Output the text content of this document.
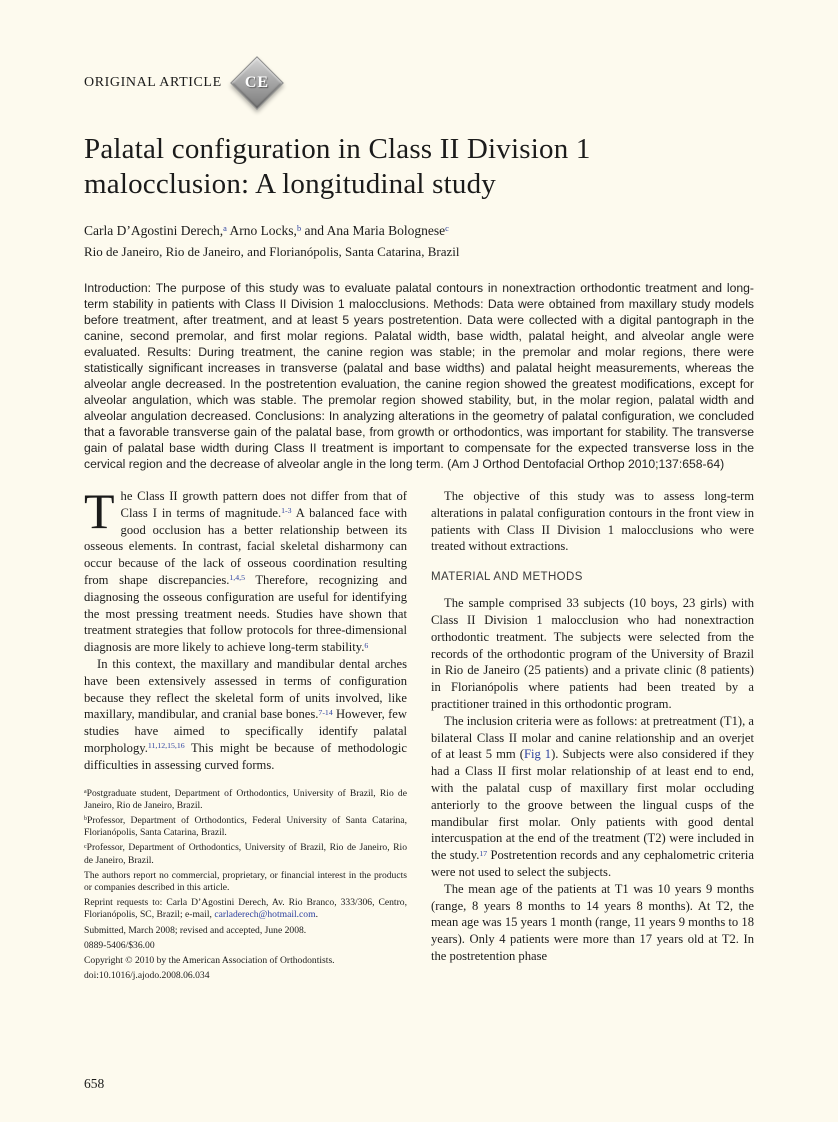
ORIGINAL ARTICLE	CE
Palatal configuration in Class II Division 1 malocclusion: A longitudinal study

Carla D’Agostini Derech,$^a$ Arno Locks,$^b$ and Ana Maria Bolognese$^c$

Rio de Janeiro, Rio de Janeiro, and Florianópolis, Santa Catarina, Brazil

Introduction: The purpose of this study was to evaluate palatal contours in nonextraction orthodontic treatment and long-term stability in patients with Class II Division 1 malocclusions. Methods: Data were obtained from maxillary study models before treatment, after treatment, and at least 5 years postretention. Data were collected with a digital pantograph in the canine, second premolar, and first molar regions. Palatal width, base width, palatal height, and alveolar angle were evaluated. Results: During treatment, the canine region was stable; in the premolar and molar regions, there were statistically significant increases in transverse (palatal and base widths) and palatal height measurements, whereas the alveolar angle decreased. In the postretention evaluation, the canine region showed the greatest modifications, except for alveolar angulation, which was stable. The premolar region showed stability, but, in the molar region, palatal width and alveolar angulation decreased. Conclusions: In analyzing alterations in the geometry of palatal configuration, we concluded that a favorable transverse gain of the palatal base, from growth or orthodontics, was important for stability. The transverse gain of palatal base width during Class II treatment is important to compensate for the expected transverse loss in the cervical region and the decrease of alveolar angle in the long term. (Am J Orthod Dentofacial Orthop 2010;137:658-64)

The Class II growth pattern does not differ from that of Class I in terms of magnitude.$^{1-3}$ A balanced face with good occlusion has a better relationship between its osseous elements. In contrast, facial skeletal disharmony can occur because of the lack of osseous coordination resulting from shape discrepancies.$^{1,4,5}$ Therefore, recognizing and diagnosing the osseous configuration are useful for identifying the most pressing treatment needs. Studies have shown that treatment strategies that follow protocols for three-dimensional diagnosis are more likely to achieve long-term stability.$^6$

In this context, the maxillary and mandibular dental arches have been extensively assessed in terms of configuration because they reflect the skeletal form of units involved, like maxillary, mandibular, and cranial base bones.$^{7-14}$ However, few studies have aimed to specifically identify palatal morphology.$^{11,12,15,16}$ This might be because of methodologic difficulties in assessing curved forms.

$^a$Postgraduate student, Department of Orthodontics, University of Brazil, Rio de Janeiro, Rio de Janeiro, Brazil.

$^b$Professor, Department of Orthodontics, Federal University of Santa Catarina, Florianópolis, Santa Catarina, Brazil.

$^c$Professor, Department of Orthodontics, University of Brazil, Rio de Janeiro, Rio de Janeiro, Brazil.

The authors report no commercial, proprietary, or financial interest in the products or companies described in this article.

Reprint requests to: Carla D’Agostini Derech, Av. Rio Branco, 333/306, Centro, Florianópolis, SC, Brazil; e-mail, carladerech@hotmail.com.

Submitted, March 2008; revised and accepted, June 2008.

0889-5406/$36.00

Copyright © 2010 by the American Association of Orthodontists.

doi:10.1016/j.ajodo.2008.06.034

The objective of this study was to assess long-term alterations in palatal configuration contours in the front view in patients with Class II Division 1 malocclusions who were treated without extractions.

MATERIAL AND METHODS

The sample comprised 33 subjects (10 boys, 23 girls) with Class II Division 1 malocclusion who had nonextraction orthodontic treatment. The subjects were selected from the records of the orthodontic program of the University of Brazil in Rio de Janeiro (25 patients) and a private clinic (8 patients) in Florianópolis where patients had been treated by a practitioner trained in this orthodontic program.

The inclusion criteria were as follows: at pretreatment (T1), a bilateral Class II molar and canine relationship and an overjet of at least 5 mm (Fig 1). Subjects were also considered if they had a Class II first molar relationship of at least end to end, with the palatal cusp of maxillary first molar occluding anteriorly to the groove between the lingual cusps of the mandibular first molar. Only patients with good dental intercuspation at the end of the treatment (T2) were included in the study.$^{17}$ Postretention records and any cephalometric criteria were not used to select the subjects.

The mean age of the patients at T1 was 10 years 9 months (range, 8 years 8 months to 14 years 8 months). At T2, the mean age was 15 years 1 month (range, 11 years 9 months to 18 years). Only 4 patients were more than 17 years old at T2. In the postretention phase

658
